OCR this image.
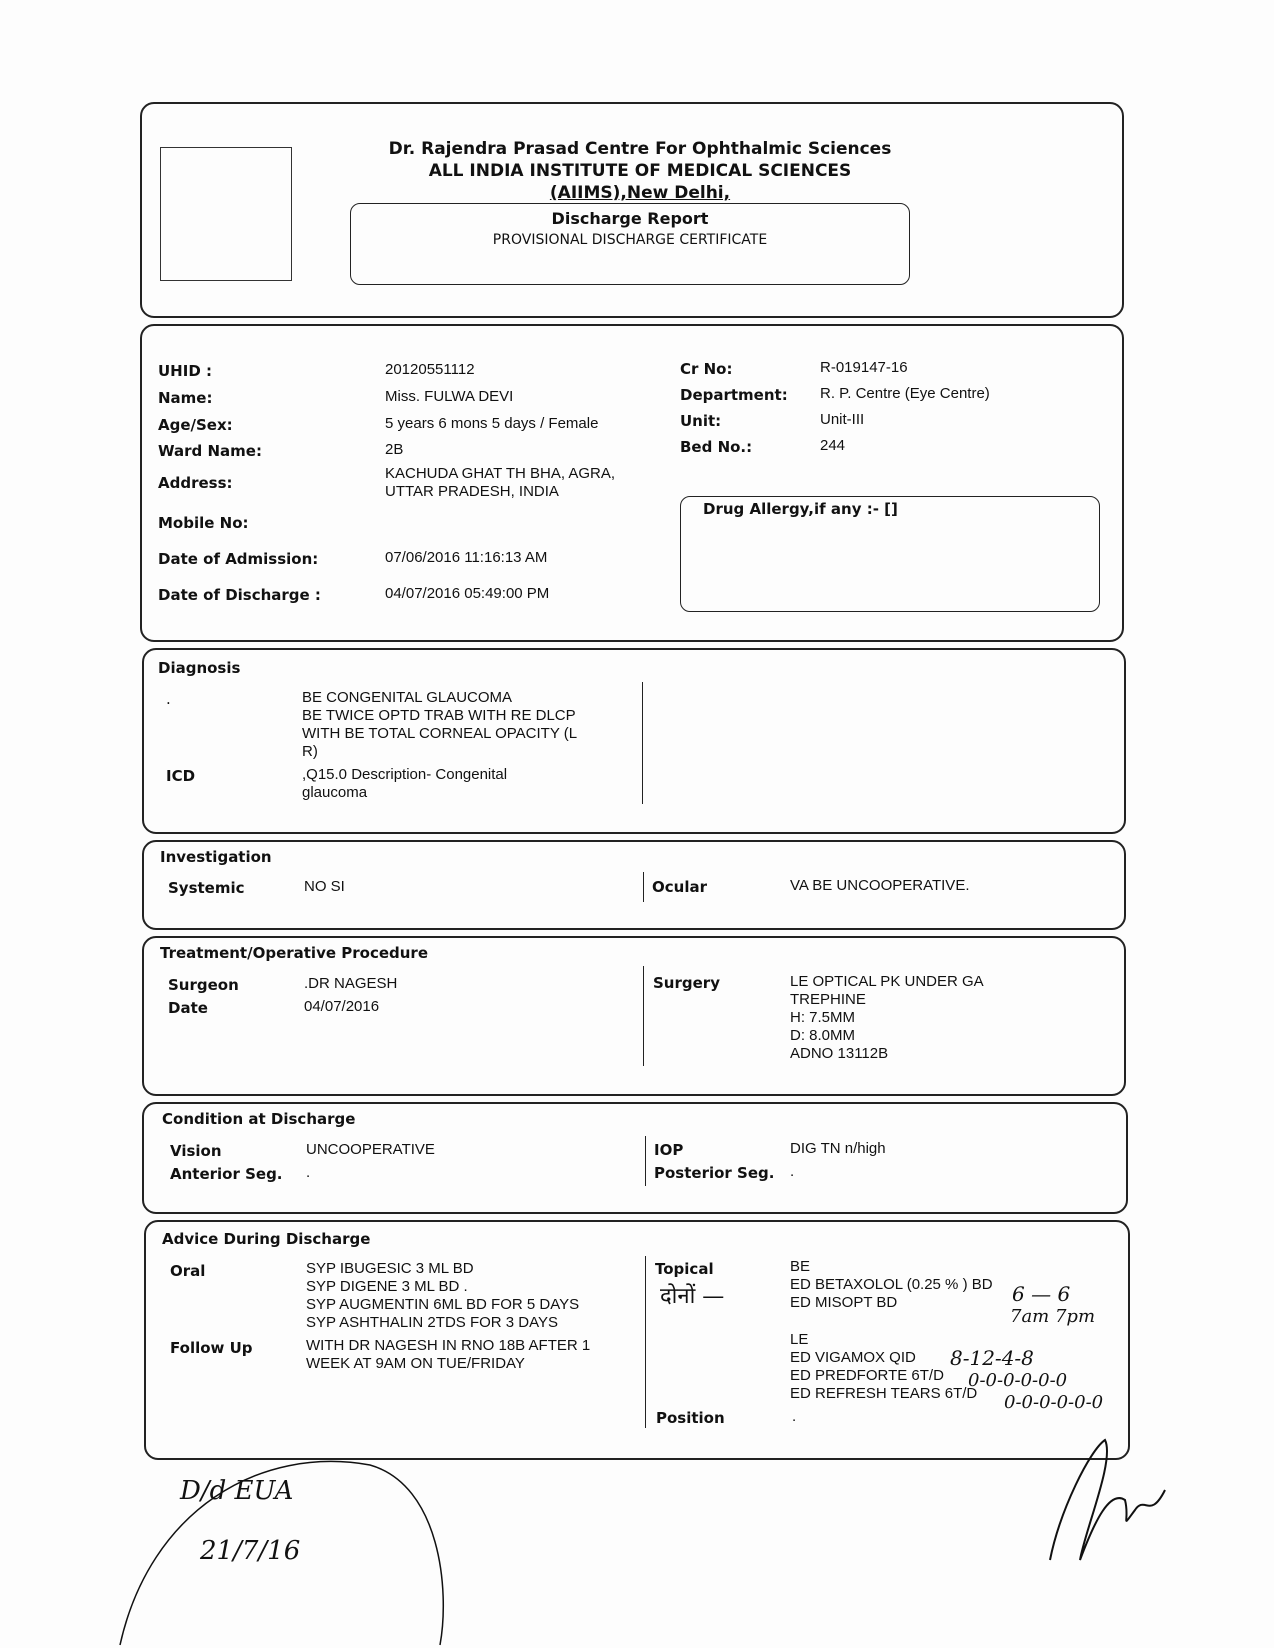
Dr. Rajendra Prasad Centre For Ophthalmic Sciences
ALL INDIA INSTITUTE OF MEDICAL SCIENCES
(AIIMS),New Delhi,
Discharge Report
PROVISIONAL DISCHARGE CERTIFICATE
Drug Allergy,if any :- []
Diagnosis
.	BE CONGENITAL GLAUCOMA
BE TWICE OPTD TRAB WITH RE DLCP
WITH BE TOTAL CORNEAL OPACITY (L
R)
ICD	,Q15.0 Description- Congenital
glaucoma
Investigation
Systemic	NO SI	Ocular	VA BE UNCOOPERATIVE.
Treatment/Operative Procedure
Surgeon	.DR NAGESH
Date	04/07/2016
Surgery	LE OPTICAL PK UNDER GA
TREPHINE
H: 7.5MM
D: 8.0MM
ADNO 13112B
Condition at Discharge
Vision	UNCOOPERATIVE
Anterior Seg. .
IOP	DIG TN n/high
Posterior Seg. .
Advice During Discharge
Oral	SYP IBUGESIC 3 ML BD
SYP DIGENE 3 ML BD .
SYP AUGMENTIN 6ML BD FOR 5 DAYS
SYP ASHTHALIN 2TDS FOR 3 DAYS
Follow Up	WITH DR NAGESH IN RNO 18B AFTER 1
WEEK AT 9AM ON TUE/FRIDAY
Topical	BE
ED BETAXOLOL (0.25 % ) BD
ED MISOPT BD
LE
ED VIGAMOX QID
ED PREDFORTE 6T/D
ED REFRESH TEARS 6T/D
Position	.
दोनों —	6 — 6
7am 7pm
8-12-4-8
0-0-0-0-0-0
0-0-0-0-0-0
D/d EUA
21/7/16
UHID :	20120551112
Name:	Miss. FULWA DEVI
Age/Sex:	5 years 6 mons 5 days / Female
Ward Name:	2B
Address:
KACHUDA GHAT TH BHA, AGRA,
UTTAR PRADESH, INDIA
Mobile No:
Date of Admission:	07/06/2016 11:16:13 AM
Date of Discharge :	04/07/2016 05:49:00 PM
Cr No:	R-019147-16
Department: R. P. Centre (Eye Centre)
Unit:	Unit-III
Bed No.:	244
